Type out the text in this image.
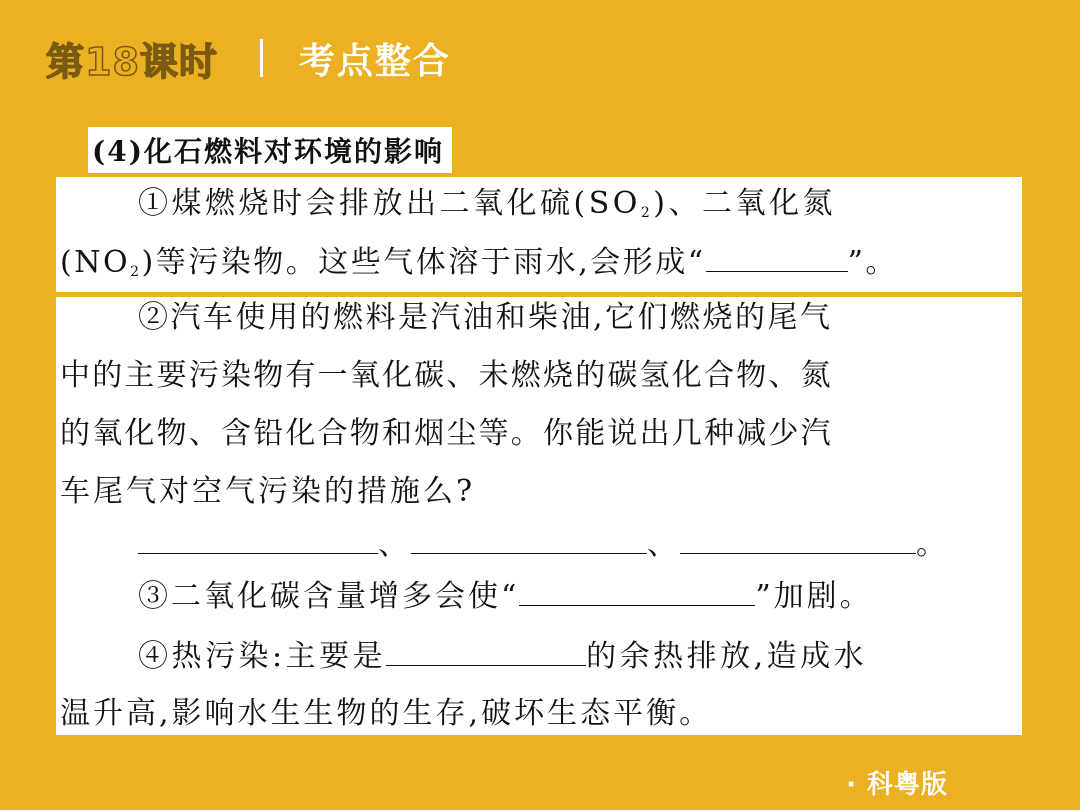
第18课时 考点整合
(4)化石燃料对环境的影响
①煤燃烧时会排放出二氧化硫$(SO_2)$、二氧化氮
$(NO_2)$等污染物。这些气体溶于雨水,会形成“	”。
②汽车使用的燃料是汽油和柴油,它们燃烧的尾气
中的主要污染物有一氧化碳、未燃烧的碳氢化合物、氮
的氧化物、含铅化合物和烟尘等。你能说出几种减少汽
车尾气对空气污染的措施么?
、	、	。
③二氧化碳含量增多会使“	”加剧。
④热污染:主要是	的余热排放,造成水
温升高,影响水生生物的生存,破坏生态平衡。
· 科粤版
